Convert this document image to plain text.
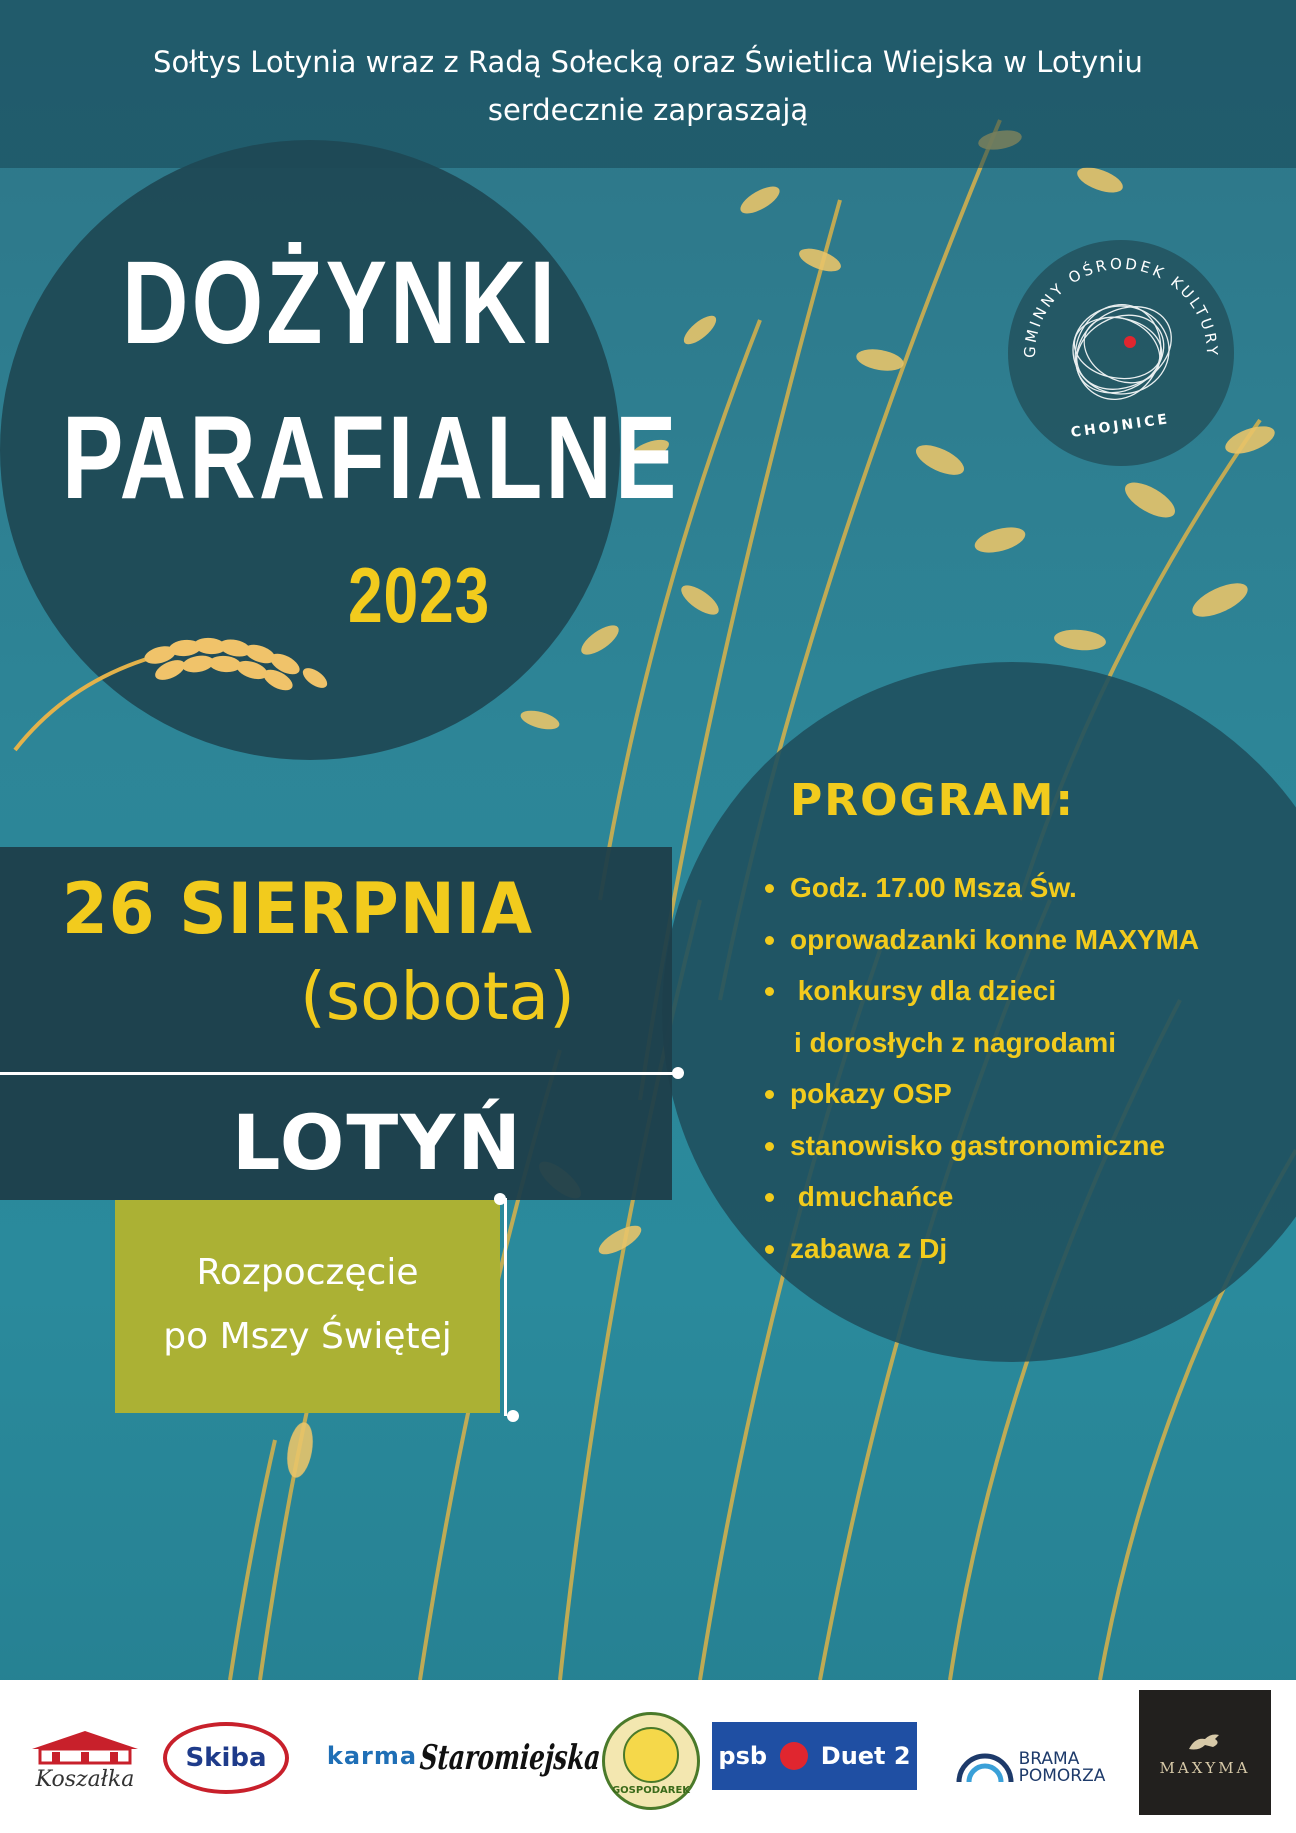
Sołtys Lotynia wraz z Radą Sołecką oraz Świetlica Wiejska w Lotyniu
serdecznie zapraszają
DOŻYNKI
PARAFIALNE
2023
GMINNY OŚRODEK KULTURY
CHOJNICE
PROGRAM:
Godz. 17.00 Msza Św.
oprowadzanki konne MAXYMA
konkursy dla dzieci
i dorosłych z nagrodami
pokazy OSP
stanowisko gastronomiczne
dmuchańce
zabawa z Dj
26 SIERPNIA
(sobota)
LOTYŃ
Rozpoczęcie
po Mszy Świętej
Koszałka
Skiba	karma Staromiejska
GOSPODAREK
psb Duet 2	BRAMA
POMORZA	MAXYMA
